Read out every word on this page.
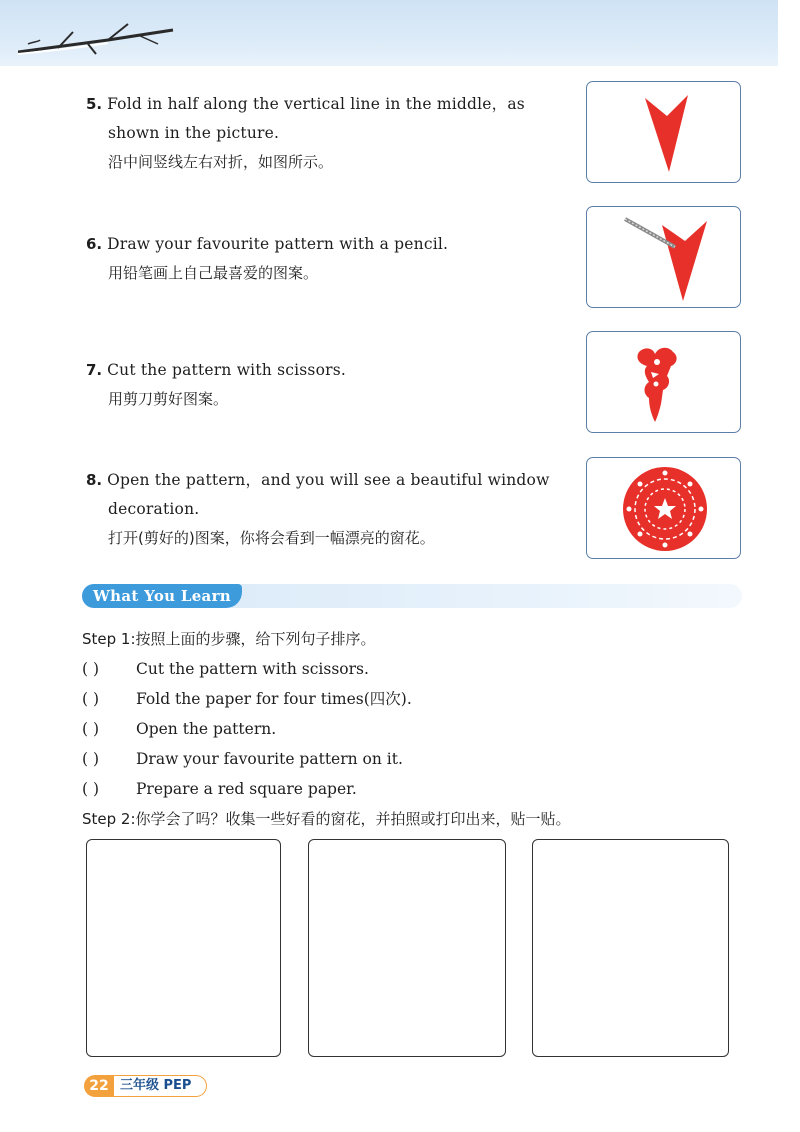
5. Fold in half along the vertical line in the middle，as
shown in the picture.
沿中间竖线左右对折，如图所示。
6. Draw your favourite pattern with a pencil.
用铅笔画上自己最喜爱的图案。
7. Cut the pattern with scissors.
用剪刀剪好图案。
8. Open the pattern，and you will see a beautiful window
decoration.
打开(剪好的)图案，你将会看到一幅漂亮的窗花。
What You Learn
Step 1:按照上面的步骤，给下列句子排序。
( ) Cut the pattern with scissors.
( ) Fold the paper for four times(四次).
( ) Open the pattern.
( ) Draw your favourite pattern on it.
( ) Prepare a red square paper.
Step 2:你学会了吗？收集一些好看的窗花，并拍照或打印出来，贴一贴。
22 三年级 PEP
